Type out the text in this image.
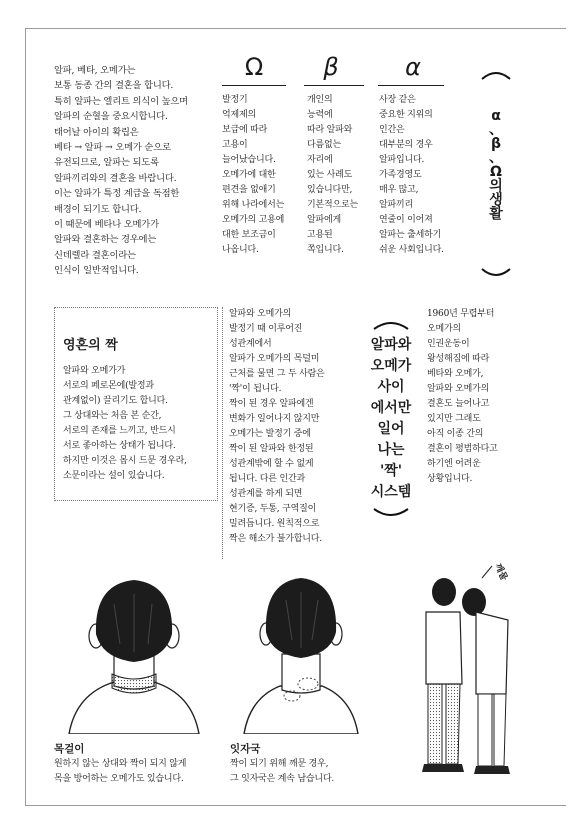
알파, 베타, 오메가는
보통 동종 간의 결혼을 합니다.
특히 알파는 엘리트 의식이 높으며
알파의 순혈을 중요시합니다.
태어날 아이의 확립은
베타 → 알파 → 오메가 순으로
유전되므로, 알파는 되도록
알파끼리와의 결혼을 바랍니다.
이는 알파가 특정 계급을 독점한
배경이 되기도 합니다.
이 때문에 베타나 오메가가
알파와 결혼하는 경우에는
신데렐라 결혼이라는
인식이 일반적입니다.
Ω
발정기
억제제의
보급에 따라
고용이
늘어났습니다.
오메가에 대한
편견을 없애기
위해 나라에서는
오메가의 고용에
대한 보조금이
나옵니다.
β
개인의
능력에
따라 알파와
다름없는
자리에
있는 사례도
있습니다만,
기본적으로는
알파에게
고용된
쪽입니다.
α
사장 같은
중요한 지위의
인간은
대부분의 경우
알파입니다.
가족경영도
매우 많고,
알파끼리
연줄이 이어져
알파는 출세하기
쉬운 사회입니다.
α
、
β
、
Ω
의
생
활
영혼의 짝
알파와 오메가가
서로의 페로몬에(발정과
관계없이) 끌리기도 합니다.
그 상대와는 처음 본 순간,
서로의 존재를 느끼고, 반드시
서로 좋아하는 상태가 됩니다.
하지만 이것은 몹시 드문 경우라,
소문이라는 설이 있습니다.
알파와 오메가의
발정기 때 이루어진
성관계에서
알파가 오메가의 목덜미
근처를 물면 그 두 사람은
'짝'이 됩니다.
짝이 된 경우 알파에겐
변화가 일어나지 않지만
오메가는 발정기 중에
짝이 된 알파와 한정된
성관계밖에 할 수 없게
됩니다. 다른 인간과
성관계를 하게 되면
현기증, 두통, 구역질이
밀려듭니다. 원칙적으로
짝은 해소가 불가합니다.
알파와
오메가
사이
에서만
일어
나는
'짝'
시스템
1960년 무렵부터
오메가의
인권운동이
왕성해짐에 따라
베타와 오메가,
알파와 오메가의
결혼도 늘어나고
있지만 그래도
아직 이종 간의
결혼이 평범하다고
하기엔 어려운
상황입니다.
깨물
목걸이
원하지 않는 상대와 짝이 되지 않게
목을 방어하는 오메가도 있습니다.
잇자국
짝이 되기 위해 깨문 경우,
그 잇자국은 계속 남습니다.
